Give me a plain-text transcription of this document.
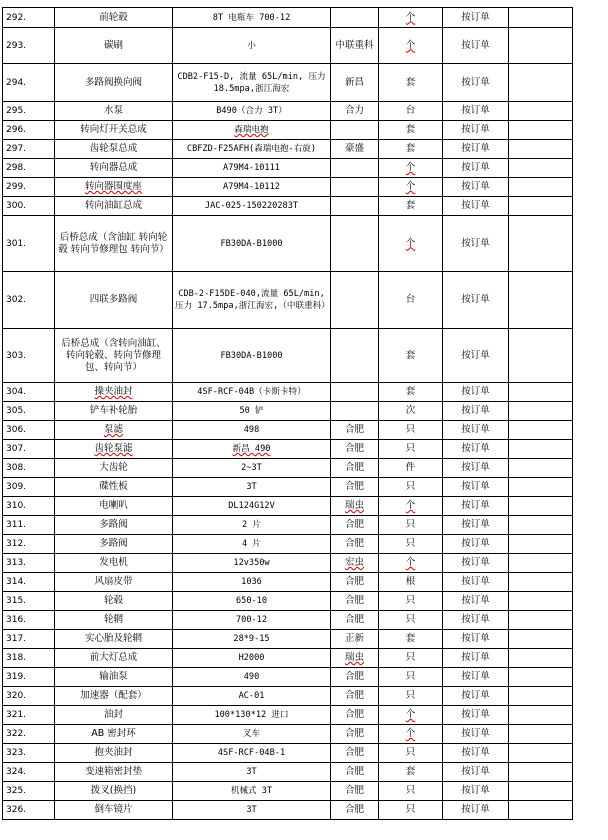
292.	前轮毂	8T 电瓶车 700-12		个	按订单	
293.	碳刷	小	中联重科	个	按订单	
294.	多路阀换向阀	CDB2-F15-D, 流量 65L/min, 压力 18.5mpa,浙江海宏	新昌	套	按订单	
295.	水泵	B490（合力 3T）	合力	台	按订单	
296.	转向灯开关总成	森瑞电抱		套	按订单	
297.	齿轮泵总成	CBFZD-F25AFH(森瑞电抱-右旋)	豪盛	套	按订单	
298.	转向器总成	A79M4-10111		个	按订单	
299.	转向器围度座	A79M4-10112		个	按订单	
300.	转向油缸总成	JAC-025-150220283T		套	按订单	
301.	后桥总成（含油缸 转向轮毂 转向节修理包 转向节）	FB30DA-B1000		个	按订单	
302.	四联多路阀	CDB-2-F15DE-040,流量 65L/min,压力 17.5mpa,浙江海宏,（中联重科）		台	按订单	
303.	后桥总成（含转向油缸、转向轮毂、转向节修理包、转向节）	FB30DA-B1000		套	按订单	
304.	操夹油封	4SF-RCF-04B（卡斯卡特）		套	按订单	
305.	铲车补轮胎	50 铲		次	按订单	
306.	泵滤	498	合肥	只	按订单	
307.	齿轮泵滤	新昌 490	合肥	只	按订单	
308.	大齿轮	2~3T	合肥	件	按订单	
309.	碟性板	3T	合肥	只	按订单	
310.	电喇叭	DL124G12V	瑞虫	个	按订单	
311.	多路阀	2 片	合肥	只	按订单	
312.	多路阀	4 片	合肥	只	按订单	
313.	发电机	12v350w	宏虫	个	按订单	
314.	风扇皮带	1036	合肥	根	按订单	
315.	轮毂	650-10	合肥	只	按订单	
316.	轮辋	700-12	合肥	只	按订单	
317.	实心胎及轮辋	28*9-15	正新	套	按订单	
318.	前大灯总成	H2000	瑞虫	只	按订单	
319.	输油泵	490	合肥	只	按订单	
320.	加速器（配套）	AC-01	合肥	只	按订单	
321.	油封	100*130*12 进口	合肥	个	按订单	
322.	AB 密封环	叉车	合肥	个	按订单	
323.	抱夹油封	4SF-RCF-04B-1	合肥	只	按订单	
324.	变速箱密封垫	3T	合肥	套	按订单	
325.	拨叉(换挡)	机械式 3T	合肥	只	按订单	
326.	倒车镜片	3T	合肥	只	按订单	
